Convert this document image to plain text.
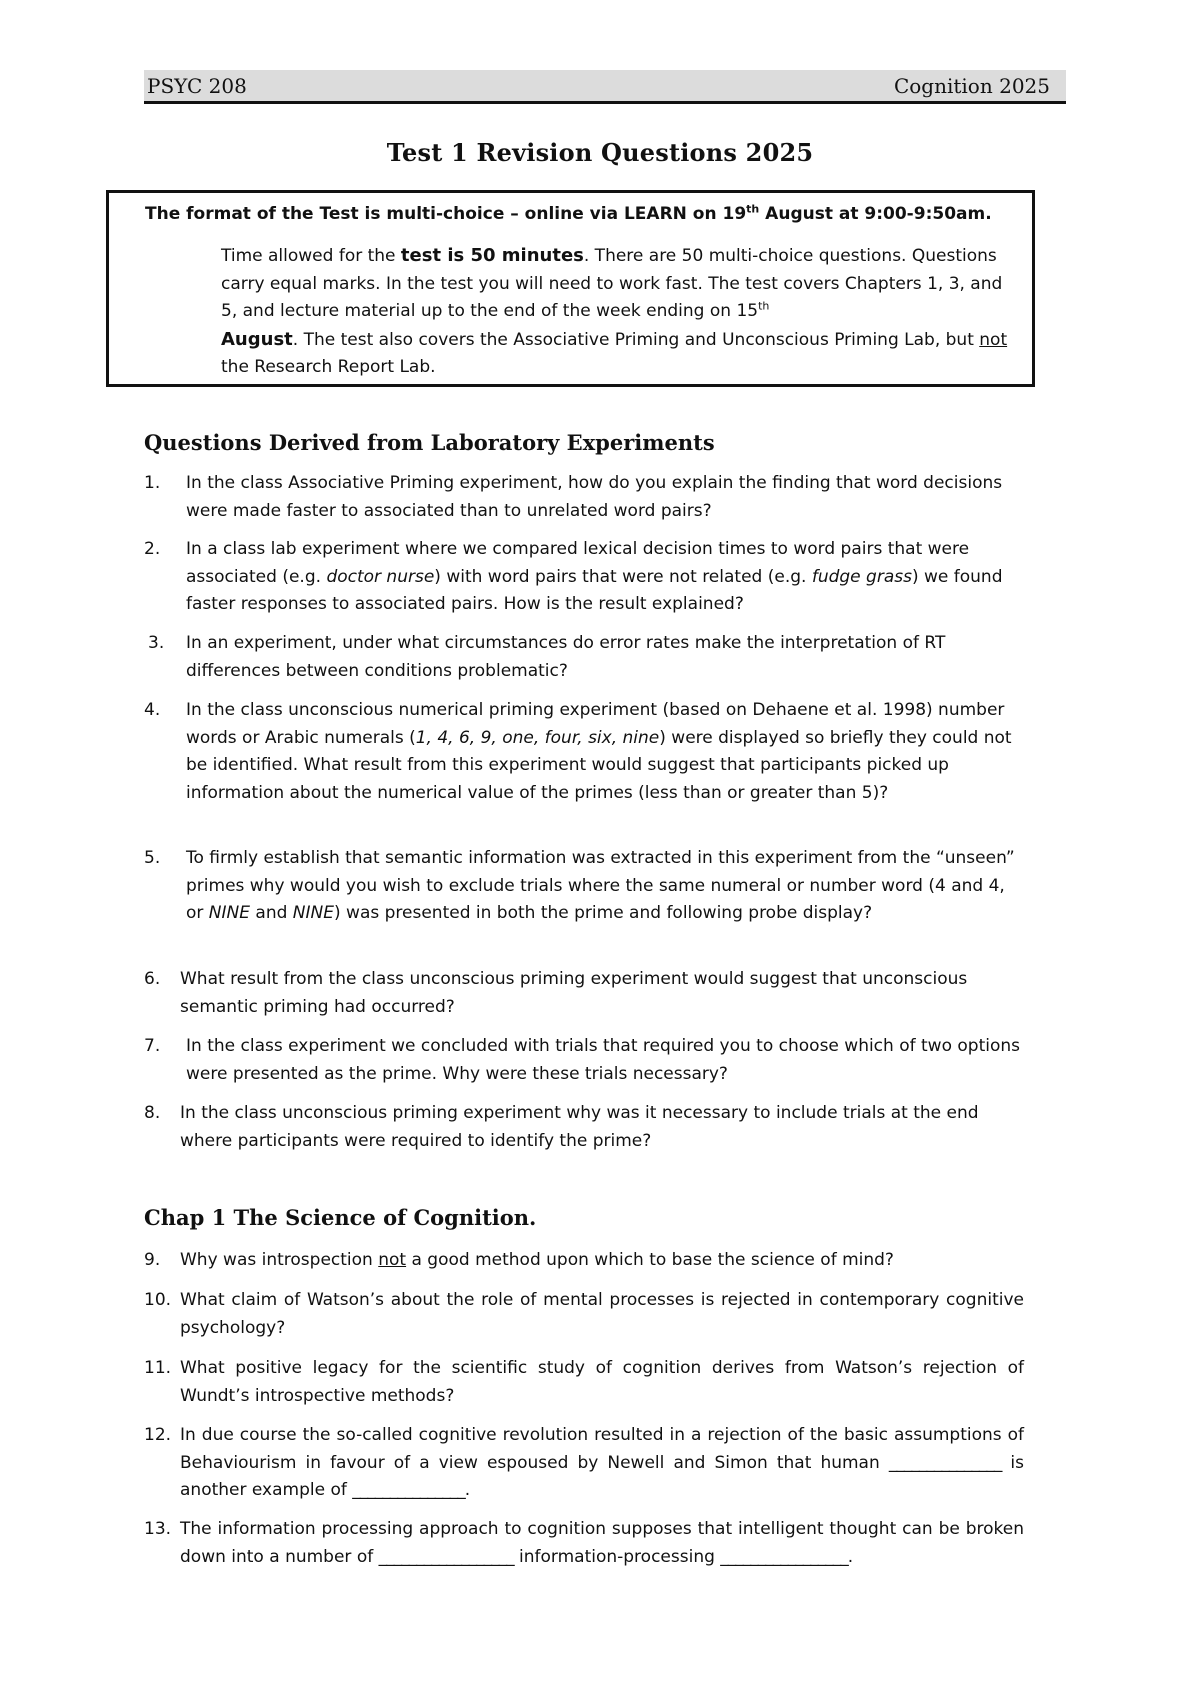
PSYC 208	Cognition 2025
Test 1 Revision Questions 2025
The format of the Test is multi-choice – online via LEARN on 19th August at 9:00-9:50am.
Time allowed for the test is 50 minutes. There are 50 multi-choice questions. Questions carry equal marks. In the test you will need to work fast. The test covers Chapters 1, 3, and 5, and lecture material up to the end of the week ending on 15th
August. The test also covers the Associative Priming and Unconscious Priming Lab, but not the Research Report Lab.
Questions Derived from Laboratory Experiments
1. In the class Associative Priming experiment, how do you explain the finding that word decisions were made faster to associated than to unrelated word pairs?
2. In a class lab experiment where we compared lexical decision times to word pairs that were associated (e.g. doctor nurse) with word pairs that were not related (e.g. fudge grass) we found faster responses to associated pairs. How is the result explained?
3. In an experiment, under what circumstances do error rates make the interpretation of RT differences between conditions problematic?
4. In the class unconscious numerical priming experiment (based on Dehaene et al. 1998) number words or Arabic numerals (1, 4, 6, 9, one, four, six, nine) were displayed so briefly they could not be identified. What result from this experiment would suggest that participants picked up information about the numerical value of the primes (less than or greater than 5)?
5. To firmly establish that semantic information was extracted in this experiment from the “unseen” primes why would you wish to exclude trials where the same numeral or number word (4 and 4, or NINE and NINE) was presented in both the prime and following probe display?
6. What result from the class unconscious priming experiment would suggest that unconscious semantic priming had occurred?
7. In the class experiment we concluded with trials that required you to choose which of two options were presented as the prime. Why were these trials necessary?
8. In the class unconscious priming experiment why was it necessary to include trials at the end where participants were required to identify the prime?
Chap 1 The Science of Cognition.
9. Why was introspection not a good method upon which to base the science of mind?
10. What claim of Watson’s about the role of mental processes is rejected in contemporary cognitive psychology?
11. What positive legacy for the scientific study of cognition derives from Watson’s rejection of Wundt’s introspective methods?
12. In due course the so-called cognitive revolution resulted in a rejection of the basic assumptions of Behaviourism in favour of a view espoused by Newell and Simon that human _______________ is another example of _______________.
13. The information processing approach to cognition supposes that intelligent thought can be broken down into a number of __________________ information-processing _________________.
